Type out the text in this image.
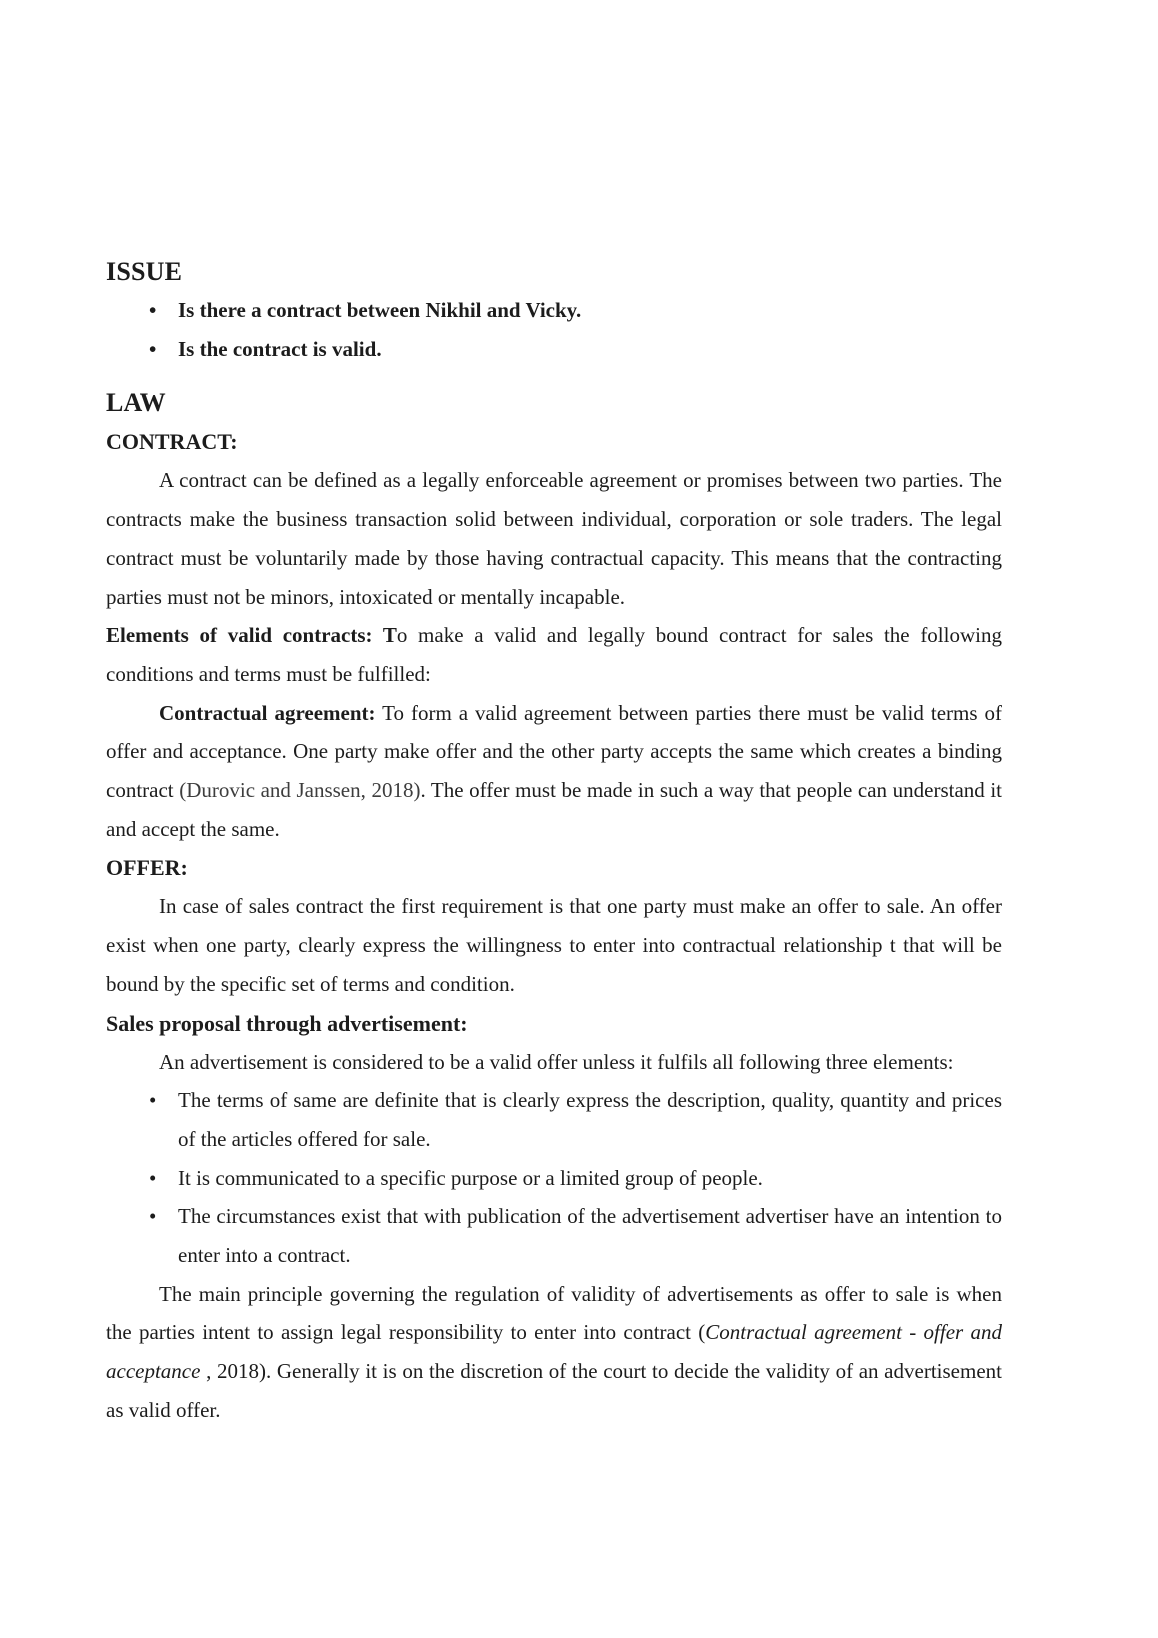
ISSUE
• Is there a contract between Nikhil and Vicky.
• Is the contract is valid.
LAW
CONTRACT:

A contract can be defined as a legally enforceable agreement or promises between two parties. The contracts make the business transaction solid between individual, corporation or sole traders. The legal contract must be voluntarily made by those having contractual capacity. This means that the contracting parties must not be minors, intoxicated or mentally incapable.

Elements of valid contracts: To make a valid and legally bound contract for sales the following conditions and terms must be fulfilled:

Contractual agreement: To form a valid agreement between parties there must be valid terms of offer and acceptance. One party make offer and the other party accepts the same which creates a binding contract (Durovic and Janssen, 2018). The offer must be made in such a way that people can understand it and accept the same.

OFFER:

In case of sales contract the first requirement is that one party must make an offer to sale. An offer exist when one party, clearly express the willingness to enter into contractual relationship t that will be bound by the specific set of terms and condition.

Sales proposal through advertisement:

An advertisement is considered to be a valid offer unless it fulfils all following three elements:

• The terms of same are definite that is clearly express the description, quality, quantity and prices of the articles offered for sale.
• It is communicated to a specific purpose or a limited group of people.
• The circumstances exist that with publication of the advertisement advertiser have an intention to enter into a contract.

The main principle governing the regulation of validity of advertisements as offer to sale is when the parties intent to assign legal responsibility to enter into contract (Contractual agreement - offer and acceptance , 2018). Generally it is on the discretion of the court to decide the validity of an advertisement as valid offer.
